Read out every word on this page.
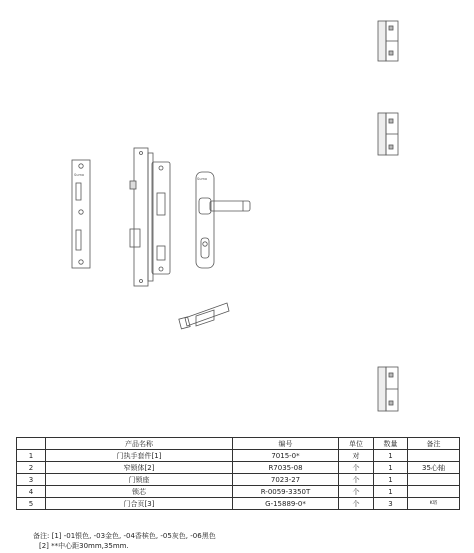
Sumo
Sumo
	产品名称	编号	单位	数量	备注
1	门执手套件[1]	7015-0*	对	1	
2	窄锁体[2]	R7035-08	个	1	35心轴
3	门锁座	7023-27	个	1	
4	锁芯	R-0059-3350T	个	1	
5	门合页[3]	G-15889-0*	个	3	K塔
备注: [1] -01银色, -03金色, -04香槟色, -05灰色, -06黑色
[2] **中心距30mm,35mm.
